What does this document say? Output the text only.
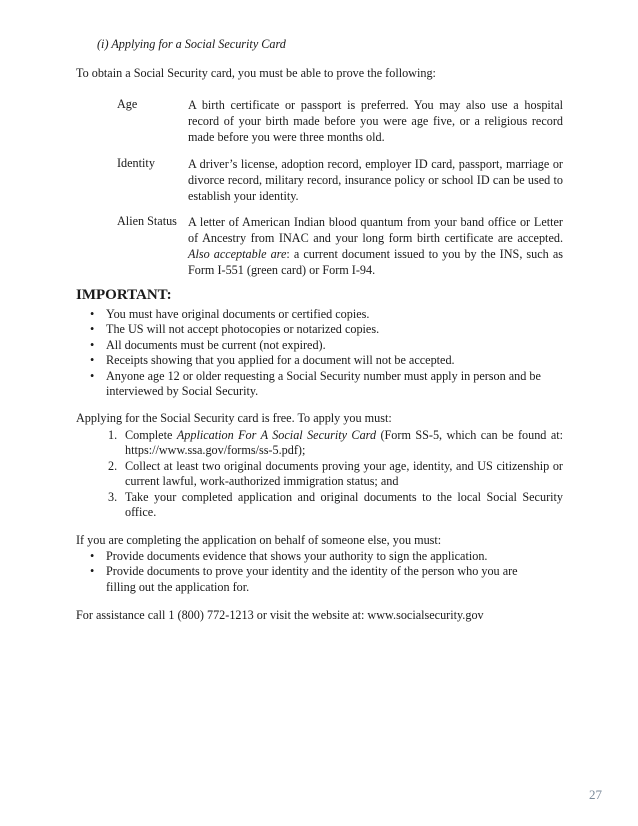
(i) Applying for a Social Security Card
To obtain a Social Security card, you must be able to prove the following:
Age	A birth certificate or passport is preferred. You may also use a hospital record of your birth made before you were age five, or a religious record made before you were three months old.
Identity	A driver’s license, adoption record, employer ID card, passport, marriage or divorce record, military record, insurance policy or school ID can be used to establish your identity.
Alien Status A letter of American Indian blood quantum from your band office or Letter of Ancestry from INAC and your long form birth certificate are accepted. Also acceptable are: a current document issued to you by the INS, such as Form I-551 (green card) or Form I-94.
IMPORTANT:
• You must have original documents or certified copies.
• The US will not accept photocopies or notarized copies.
• All documents must be current (not expired).
• Receipts showing that you applied for a document will not be accepted.
• Anyone age 12 or older requesting a Social Security number must apply in person and be interviewed by Social Security.
Applying for the Social Security card is free. To apply you must:
1. Complete Application For A Social Security Card (Form SS-5, which can be found at: https://www.ssa.gov/forms/ss-5.pdf);
2. Collect at least two original documents proving your age, identity, and US citizenship or current lawful, work-authorized immigration status; and
3. Take your completed application and original documents to the local Social Security office.
If you are completing the application on behalf of someone else, you must:
• Provide documents evidence that shows your authority to sign the application.
• Provide documents to prove your identity and the identity of the person who you are filling out the application for.
For assistance call 1 (800) 772-1213 or visit the website at: www.socialsecurity.gov
27
